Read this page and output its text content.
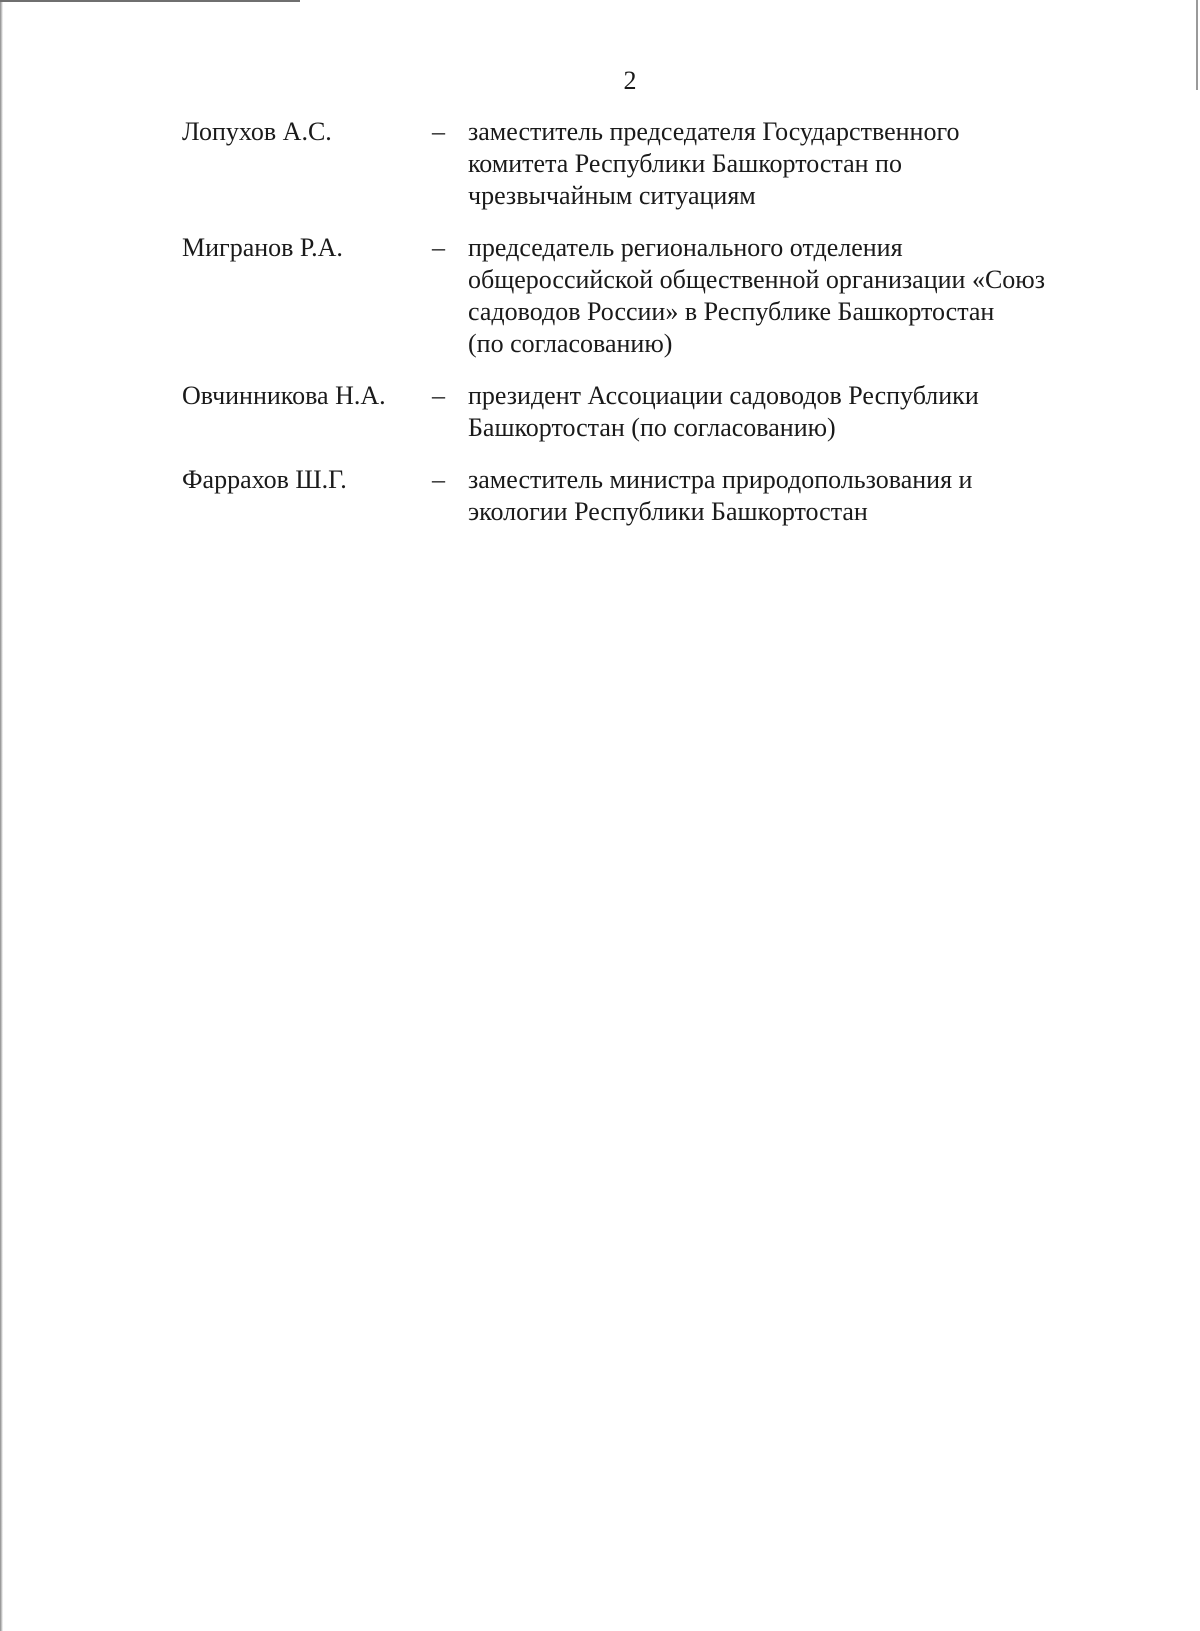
2
Лопухов А.С.	– заместитель председателя Государственного
комитета Республики Башкортостан по
чрезвычайным ситуациям
Мигранов Р.А.	– председатель регионального отделения
общероссийской общественной организации «Союз
садоводов России» в Республике Башкортостан
(по согласованию)
Овчинникова Н.А.	– президент Ассоциации садоводов Республики
Башкортостан (по согласованию)
Фаррахов Ш.Г.	– заместитель министра природопользования и
экологии Республики Башкортостан
